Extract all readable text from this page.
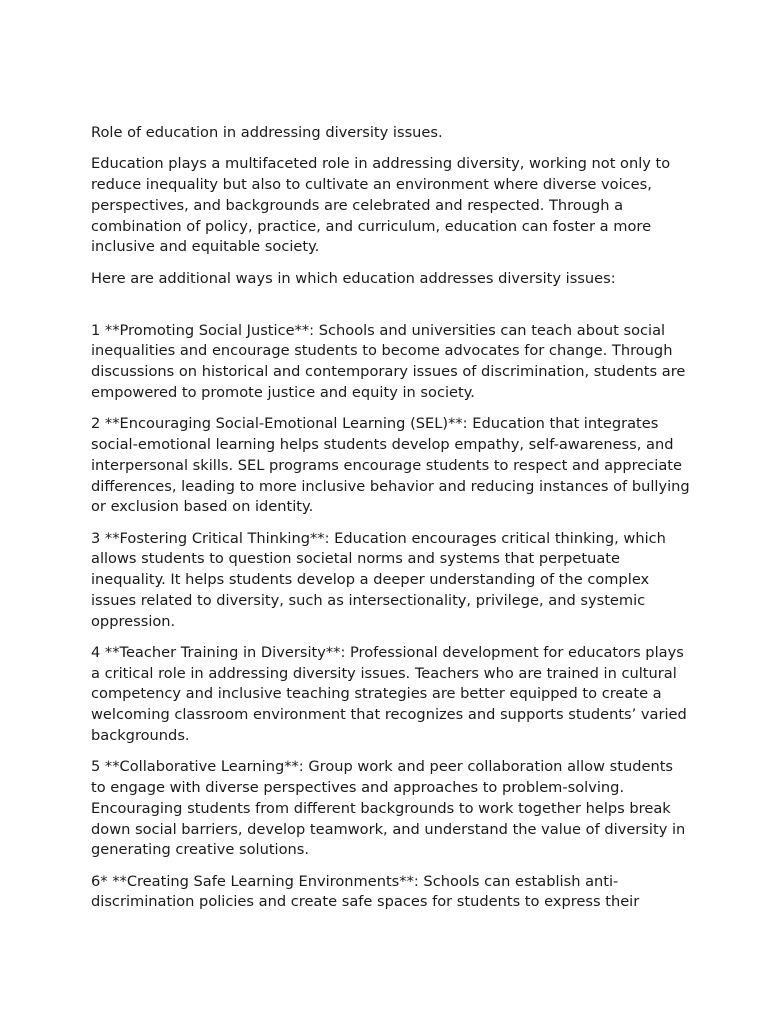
Role of education in addressing diversity issues.

Education plays a multifaceted role in addressing diversity, working not only to reduce inequality but also to cultivate an environment where diverse voices, perspectives, and backgrounds are celebrated and respected. Through a combination of policy, practice, and curriculum, education can foster a more inclusive and equitable society.

Here are additional ways in which education addresses diversity issues:

1 **Promoting Social Justice**: Schools and universities can teach about social inequalities and encourage students to become advocates for change. Through discussions on historical and contemporary issues of discrimination, students are empowered to promote justice and equity in society.

2 **Encouraging Social-Emotional Learning (SEL)**: Education that integrates social-emotional learning helps students develop empathy, self-awareness, and interpersonal skills. SEL programs encourage students to respect and appreciate differences, leading to more inclusive behavior and reducing instances of bullying or exclusion based on identity.

3 **Fostering Critical Thinking**: Education encourages critical thinking, which allows students to question societal norms and systems that perpetuate inequality. It helps students develop a deeper understanding of the complex issues related to diversity, such as intersectionality, privilege, and systemic oppression.

4 **Teacher Training in Diversity**: Professional development for educators plays a critical role in addressing diversity issues. Teachers who are trained in cultural competency and inclusive teaching strategies are better equipped to create a welcoming classroom environment that recognizes and supports students’ varied backgrounds.

5 **Collaborative Learning**: Group work and peer collaboration allow students to engage with diverse perspectives and approaches to problem-solving. Encouraging students from different backgrounds to work together helps break down social barriers, develop teamwork, and understand the value of diversity in generating creative solutions.

6* **Creating Safe Learning Environments**: Schools can establish anti-discrimination policies and create safe spaces for students to express their
